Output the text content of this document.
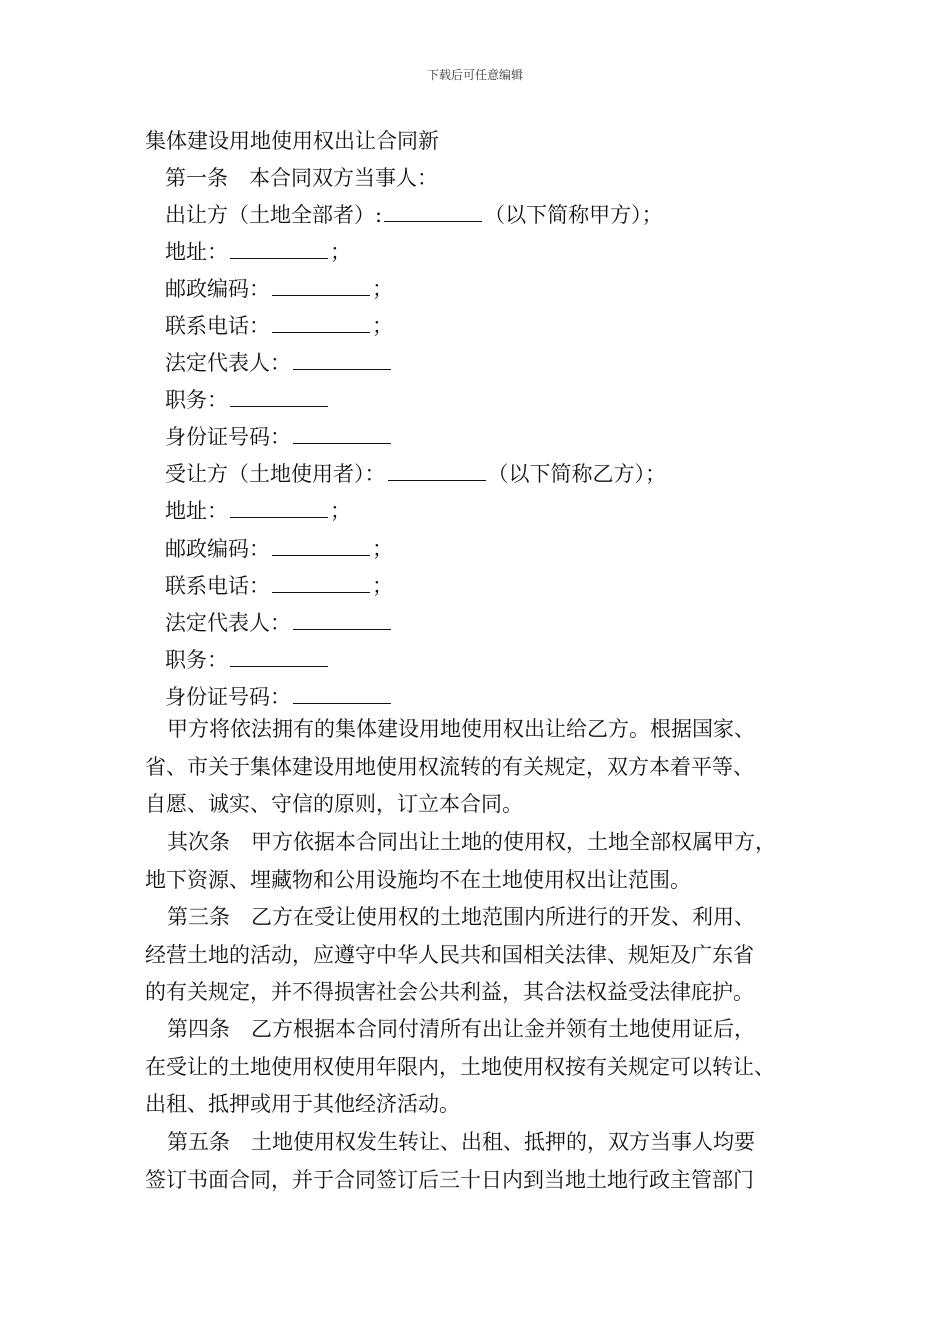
下载后可任意编辑
集体建设用地使用权出让合同新
第一条　本合同双方当事人：
出让方（土地全部者）:	（以下简称甲方）；
地址：	；
邮政编码：	；
联系电话：	；
法定代表人：
职务：
身份证号码：
受让方（土地使用者）：	（以下简称乙方）；
地址：	；
邮政编码：	；
联系电话：	；
法定代表人：
职务：
身份证号码：
甲方将依法拥有的集体建设用地使用权出让给乙方。根据国家、
省、市关于集体建设用地使用权流转的有关规定，双方本着平等、
自愿、诚实、守信的原则，订立本合同。
其次条　甲方依据本合同出让土地的使用权，土地全部权属甲方，
地下资源、埋藏物和公用设施均不在土地使用权出让范围。
第三条　乙方在受让使用权的土地范围内所进行的开发、利用、
经营土地的活动，应遵守中华人民共和国相关法律、规矩及广东省
的有关规定，并不得损害社会公共利益，其合法权益受法律庇护。
第四条　乙方根据本合同付清所有出让金并领有土地使用证后，
在受让的土地使用权使用年限内，土地使用权按有关规定可以转让、
出租、抵押或用于其他经济活动。
第五条　土地使用权发生转让、出租、抵押的，双方当事人均要
签订书面合同，并于合同签订后三十日内到当地土地行政主管部门
